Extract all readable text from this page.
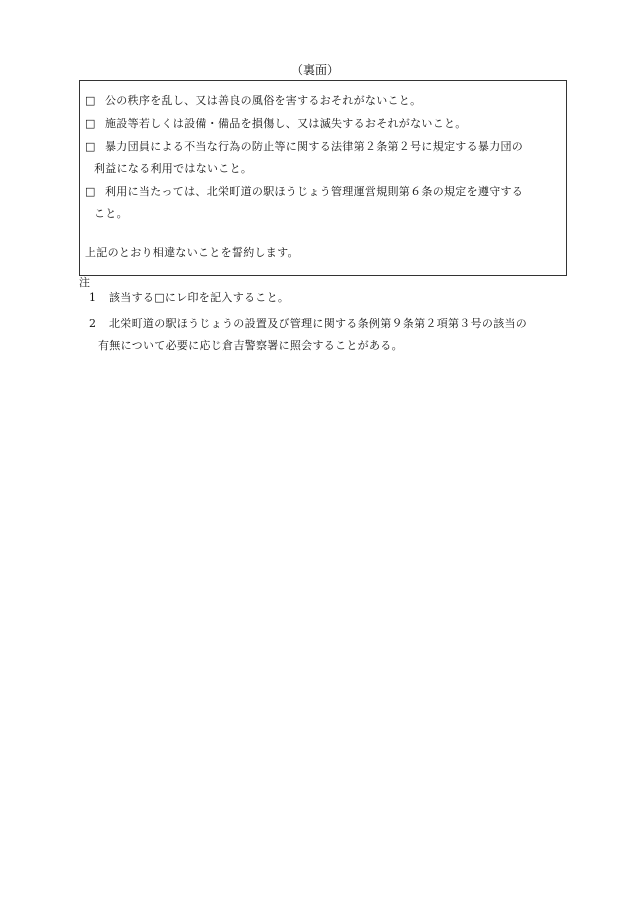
（裏面）
□ 公の秩序を乱し、又は善良の風俗を害するおそれがないこと。
□ 施設等若しくは設備・備品を損傷し、又は滅失するおそれがないこと。
□ 暴力団員による不当な行為の防止等に関する法律第２条第２号に規定する暴力団の
利益になる利用ではないこと。
□ 利用に当たっては、北栄町道の駅ほうじょう管理運営規則第６条の規定を遵守する
こと。
上記のとおり相違ないことを誓約します。
注
1 該当する□にレ印を記入すること。
2 北栄町道の駅ほうじょうの設置及び管理に関する条例第９条第２項第３号の該当の
有無について必要に応じ倉吉警察署に照会することがある。
